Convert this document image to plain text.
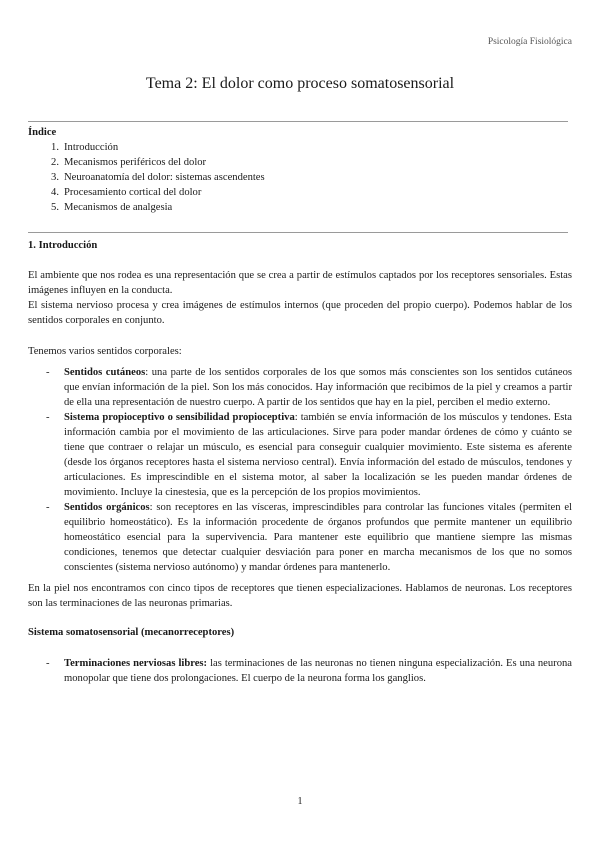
Psicología Fisiológica
Tema 2: El dolor como proceso somatosensorial
Índice
1. Introducción
2. Mecanismos periféricos del dolor
3. Neuroanatomía del dolor: sistemas ascendentes
4. Procesamiento cortical del dolor
5. Mecanismos de analgesia
1. Introducción

El ambiente que nos rodea es una representación que se crea a partir de estímulos captados por los receptores sensoriales. Estas imágenes influyen en la conducta.

El sistema nervioso procesa y crea imágenes de estímulos internos (que proceden del propio cuerpo). Podemos hablar de los sentidos corporales en conjunto.

Tenemos varios sentidos corporales:

- Sentidos cutáneos: una parte de los sentidos corporales de los que somos más conscientes son los sentidos cutáneos que envían información de la piel. Son los más conocidos. Hay información que recibimos de la piel y creamos a partir de ella una representación de nuestro cuerpo. A partir de los sentidos que hay en la piel, perciben el medio externo.
- Sistema propioceptivo o sensibilidad propioceptiva: también se envía información de los músculos y tendones. Esta información cambia por el movimiento de las articulaciones. Sirve para poder mandar órdenes de cómo y cuánto se tiene que contraer o relajar un músculo, es esencial para conseguir cualquier movimiento. Este sistema es aferente (desde los órganos receptores hasta el sistema nervioso central). Envía información del estado de músculos, tendones y articulaciones. Es imprescindible en el sistema motor, al saber la localización se les pueden mandar órdenes de movimiento. Incluye la cinestesia, que es la percepción de los propios movimientos.
- Sentidos orgánicos: son receptores en las vísceras, imprescindibles para controlar las funciones vitales (permiten el equilibrio homeostático). Es la información procedente de órganos profundos que permite mantener un equilibrio homeostático esencial para la supervivencia. Para mantener este equilibrio que mantiene siempre las mismas condiciones, tenemos que detectar cualquier desviación para poner en marcha mecanismos de los que no somos conscientes (sistema nervioso autónomo) y mandar órdenes para mantenerlo.

En la piel nos encontramos con cinco tipos de receptores que tienen especializaciones. Hablamos de neuronas. Los receptores son las terminaciones de las neuronas primarias.

Sistema somatosensorial (mecanorreceptores)
- Terminaciones nerviosas libres: las terminaciones de las neuronas no tienen ninguna especialización. Es una neurona monopolar que tiene dos prolongaciones. El cuerpo de la neurona forma los ganglios.
1
